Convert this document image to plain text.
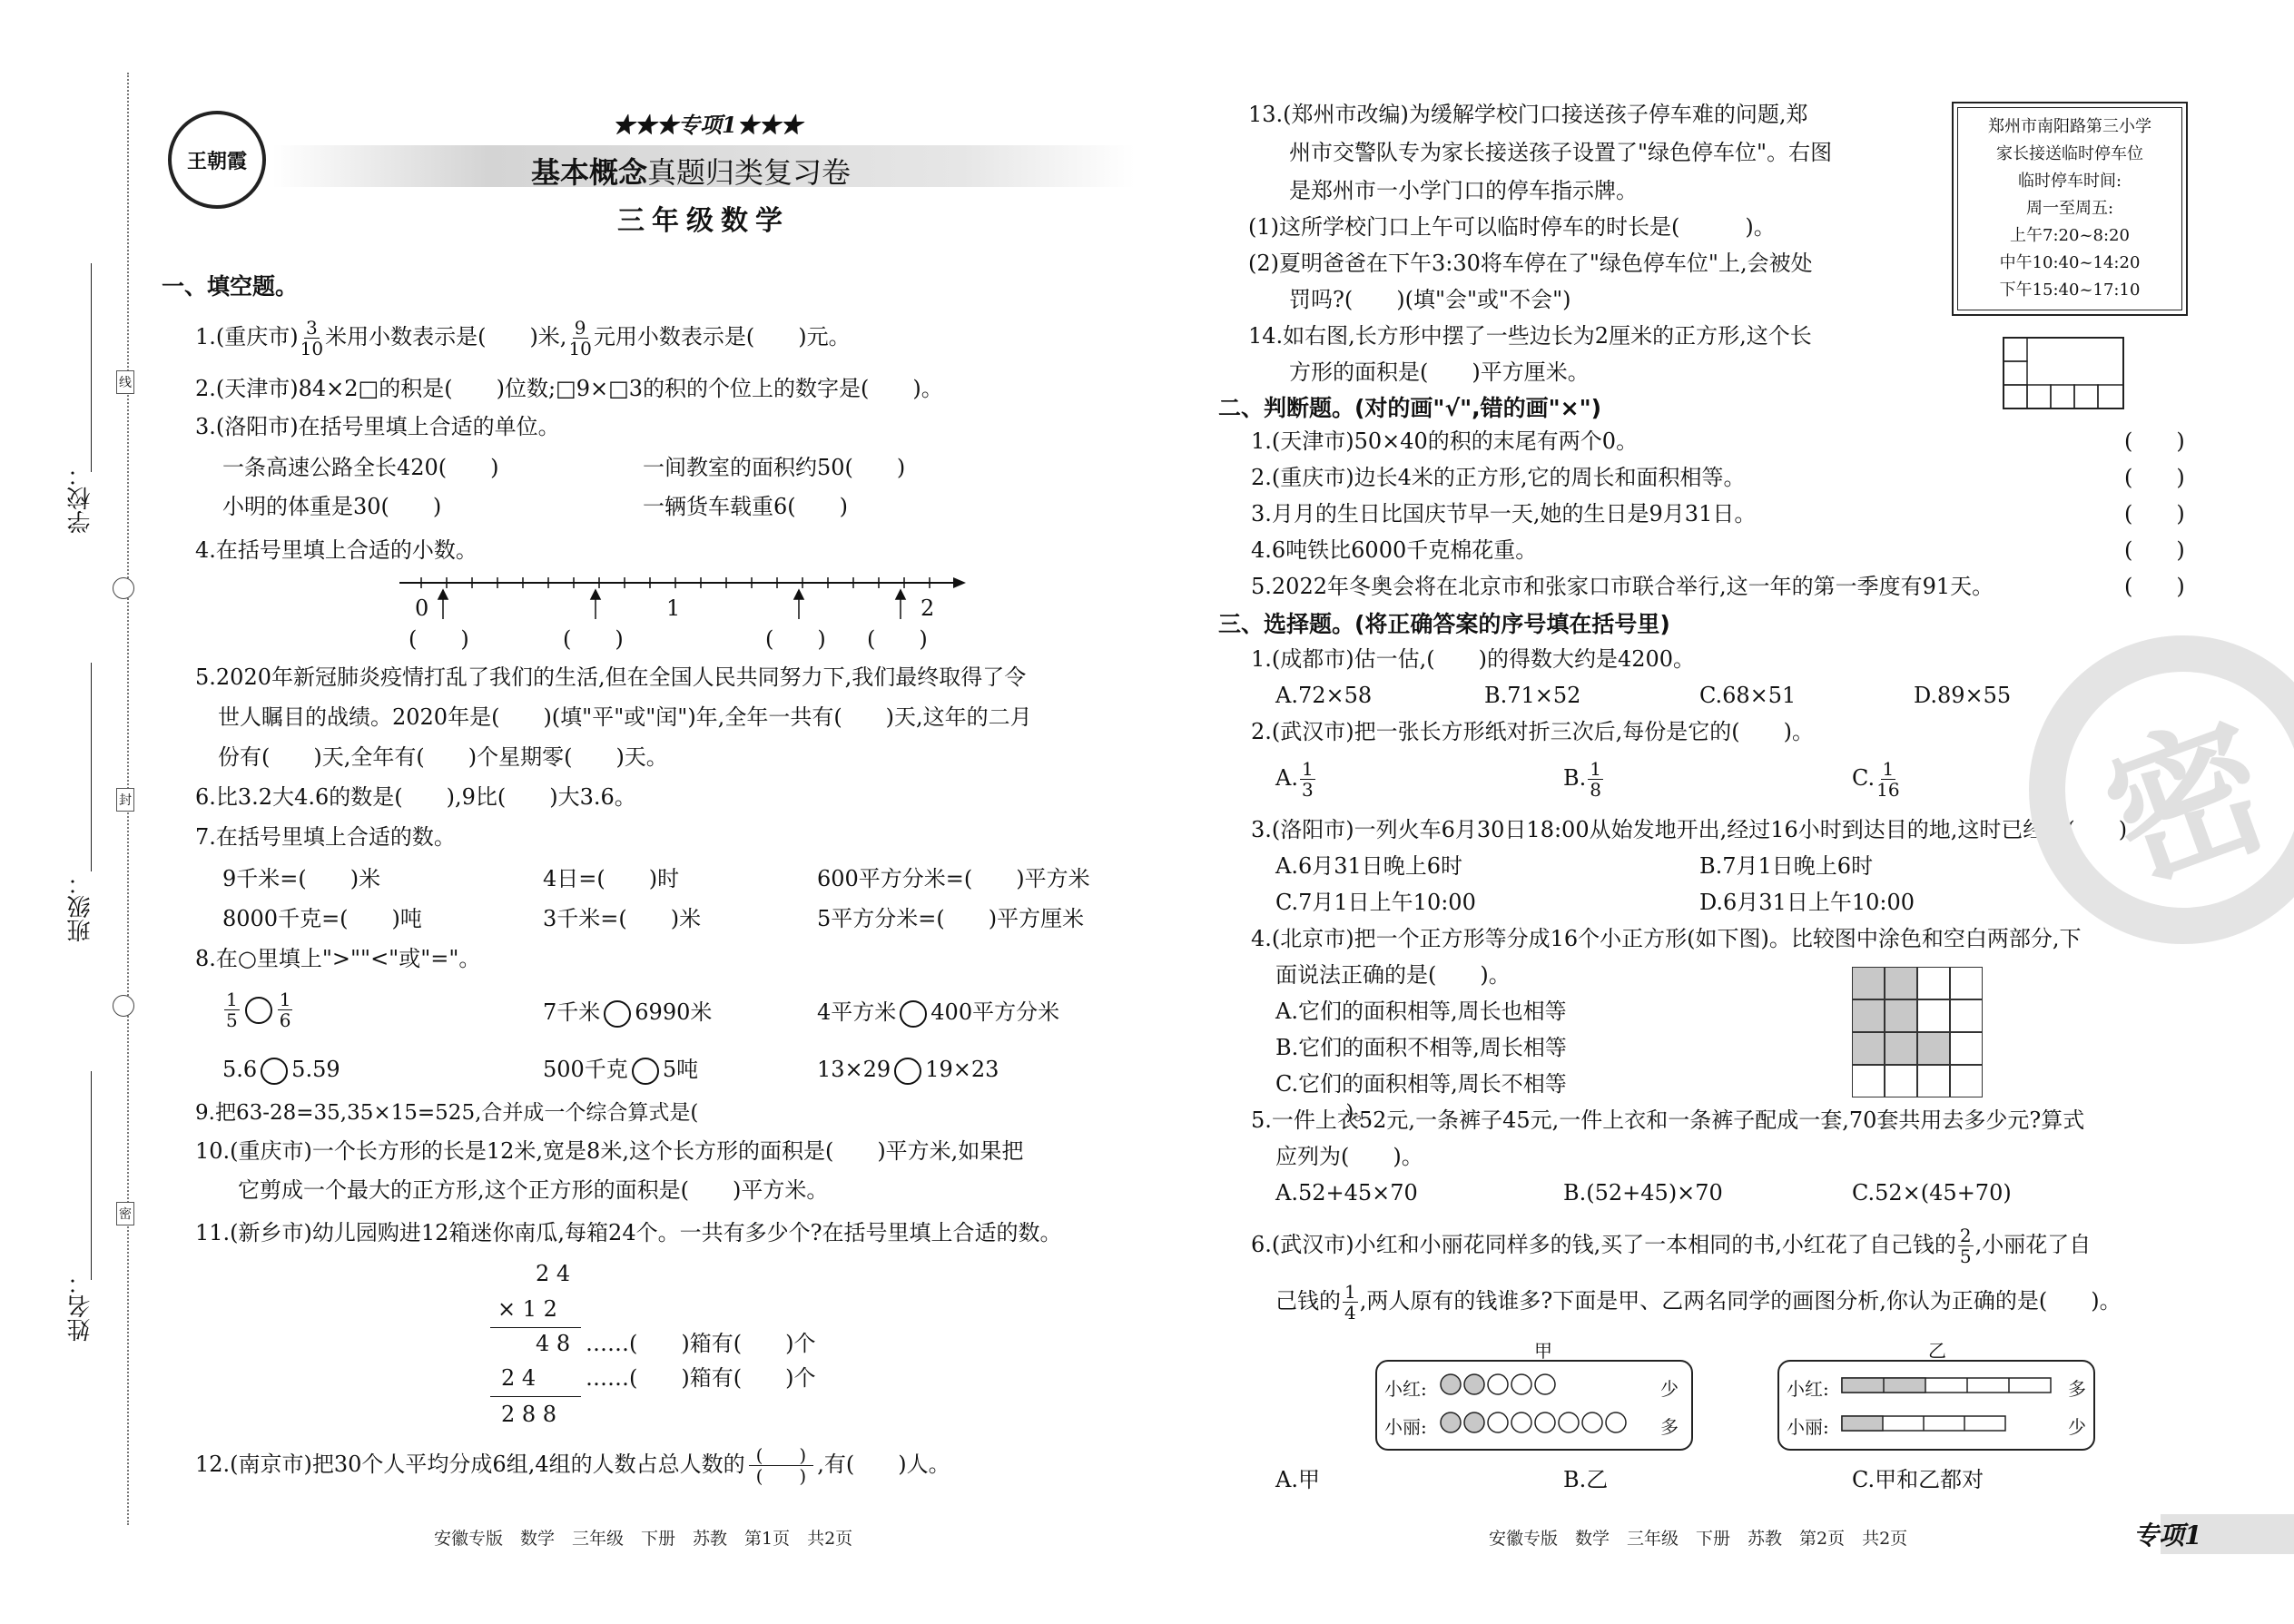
学校：
班级：
姓名：
线
封
密
王朝霞
★★★专项1★★★
基本概念真题归类复习卷
三年级数学
一、填空题。
1.(重庆市) $\frac{3}{10}$ 米用小数表示是(　　)米, $\frac{9}{10}$ 元用小数表示是(　　)元。
2.(天津市)84×2□的积是(　　)位数;□9×□3的积的个位上的数字是(　　)。
3.(洛阳市)在括号里填上合适的单位。
一条高速公路全长420(　　)	一间教室的面积约50(　　)
小明的体重是30(　　)	一辆货车载重6(　　)
4.在括号里填上合适的小数。
0	1	2
(　　)	(　　)	(　　) (　　)
5.2020年新冠肺炎疫情打乱了我们的生活,但在全国人民共同努力下,我们最终取得了令
世人瞩目的战绩。2020年是(　　)(填"平"或"闰")年,全年一共有(　　)天,这年的二月
份有(　　)天,全年有(　　)个星期零(　　)天。
6.比3.2大4.6的数是(　　),9比(　　)大3.6。
7.在括号里填上合适的数。
9千米=(　　)米	4日=(　　)时	600平方分米=(　　)平方米
8000千克=(　　)吨	3千米=(　　)米	5平方分米=(　　)平方厘米
8.在○里填上">""<"或"="。
$\frac{1}{5} \frac{1}{6}$	7千米 6990米	4平方米 400平方分米
5.6 5.59	500千克 5吨	13×29 19×23
9.把63-28=35,35×15=525,合并成一个综合算式是(　　　　　　　　　　　　　　　　　　　　　　　　　　　　　　　)。
10.(重庆市)一个长方形的长是12米,宽是8米,这个长方形的面积是(　　)平方米,如果把
它剪成一个最大的正方形,这个正方形的面积是(　　)平方米。
11.(新乡市)幼儿园购进12箱迷你南瓜,每箱24个。一共有多少个?在括号里填上合适的数。
2 4
× 1 2
4 8 ……(　　)箱有(　　)个
2 4 ……(　　)箱有(　　)个
2 8 8
12.(南京市)把30个人平均分成6组,4组的人数占总人数的 $\frac{( )}{( )}$ ,有(　　)人。
安徽专版　数学　三年级　下册　苏教　第1页　共2页
13.(郑州市改编)为缓解学校门口接送孩子停车难的问题,郑
州市交警队专为家长接送孩子设置了"绿色停车位"。右图
是郑州市一小学门口的停车指示牌。
(1)这所学校门口上午可以临时停车的时长是(　　　)。
(2)夏明爸爸在下午3:30将车停在了"绿色停车位"上,会被处
罚吗?(　　)(填"会"或"不会")
郑州市南阳路第三小学
家长接送临时停车位
临时停车时间:
周一至周五:
上午7:20~8:20
中午10:40~14:20
下午15:40~17:10
14.如右图,长方形中摆了一些边长为2厘米的正方形,这个长
方形的面积是(　　)平方厘米。
二、判断题。(对的画"√",错的画"×")
1.(天津市)50×40的积的末尾有两个0。
2.(重庆市)边长4米的正方形,它的周长和面积相等。
3.月月的生日比国庆节早一天,她的生日是9月31日。
4.6吨铁比6000千克棉花重。
5.2022年冬奥会将在北京市和张家口市联合举行,这一年的第一季度有91天。
(　　)
(　　)
(　　)
(　　)
(　　)
三、选择题。(将正确答案的序号填在括号里)
1.(成都市)估一估,(　　)的得数大约是4200。
A.72×58	B.71×52	C.68×51	D.89×55
2.(武汉市)把一张长方形纸对折三次后,每份是它的(　　)。
A. $\frac{1}{3}$	B. $\frac{1}{8}$	C. $\frac{1}{16}$
3.(洛阳市)一列火车6月30日18:00从始发地开出,经过16小时到达目的地,这时已经是(　　)。
A.6月31日晚上6时	B.7月1日晚上6时
C.7月1日上午10:00	D.6月31日上午10:00
4.(北京市)把一个正方形等分成16个小正方形(如下图)。比较图中涂色和空白两部分,下
面说法正确的是(　　)。
A.它们的面积相等,周长也相等
B.它们的面积不相等,周长相等
C.它们的面积相等,周长不相等
5.一件上衣52元,一条裤子45元,一件上衣和一条裤子配成一套,70套共用去多少元?算式
应列为(　　)。
A.52+45×70	B.(52+45)×70	C.52×(45+70)
6.(武汉市)小红和小丽花同样多的钱,买了一本相同的书,小红花了自己钱的 $\frac{2}{5}$ ,小丽花了自
己钱的 $\frac{1}{4}$ ,两人原有的钱谁多?下面是甲、乙两名同学的画图分析,你认为正确的是(　　)。
甲
小红:	少
小丽:	多
乙
小红:	多
小丽:	少
A.甲	B.乙	C.甲和乙都对
密
安徽专版　数学　三年级　下册　苏教　第2页　共2页	专项1
